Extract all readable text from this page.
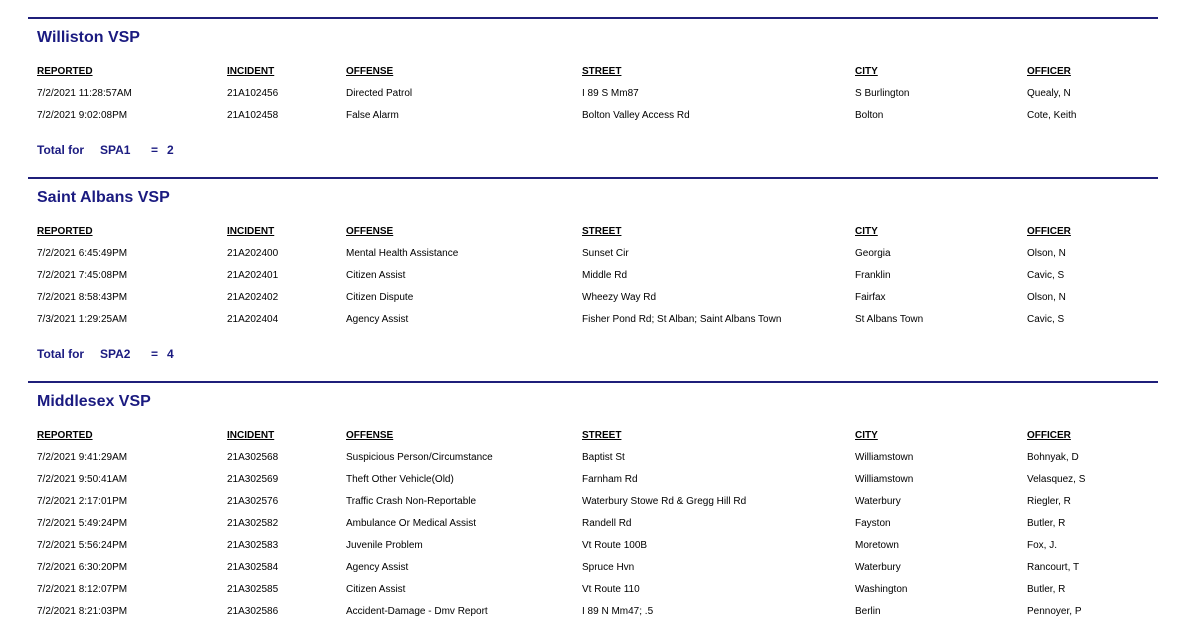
Williston VSP
REPORTED	INCIDENT	OFFENSE	STREET	CITY	OFFICER
7/2/2021 11:28:57AM	21A102456	Directed Patrol	I 89 S Mm87	S Burlington	Quealy, N
7/2/2021 9:02:08PM	21A102458	False Alarm	Bolton Valley Access Rd	Bolton	Cote, Keith
Total for SPA1 = 2
Saint Albans VSP
REPORTED	INCIDENT	OFFENSE	STREET	CITY	OFFICER
7/2/2021 6:45:49PM	21A202400	Mental Health Assistance	Sunset Cir	Georgia	Olson, N
7/2/2021 7:45:08PM	21A202401	Citizen Assist	Middle Rd	Franklin	Cavic, S
7/2/2021 8:58:43PM	21A202402	Citizen Dispute	Wheezy Way Rd	Fairfax	Olson, N
7/3/2021 1:29:25AM	21A202404	Agency Assist	Fisher Pond Rd; St Alban; Saint Albans Town	St Albans Town	Cavic, S
Total for SPA2 = 4
Middlesex VSP
REPORTED	INCIDENT	OFFENSE	STREET	CITY	OFFICER
7/2/2021 9:41:29AM	21A302568	Suspicious Person/Circumstance	Baptist St	Williamstown	Bohnyak, D
7/2/2021 9:50:41AM	21A302569	Theft Other Vehicle(Old)	Farnham Rd	Williamstown	Velasquez, S
7/2/2021 2:17:01PM	21A302576	Traffic Crash Non-Reportable	Waterbury Stowe Rd & Gregg Hill Rd	Waterbury	Riegler, R
7/2/2021 5:49:24PM	21A302582	Ambulance Or Medical Assist	Randell Rd	Fayston	Butler, R
7/2/2021 5:56:24PM	21A302583	Juvenile Problem	Vt Route 100B	Moretown	Fox, J.
7/2/2021 6:30:20PM	21A302584	Agency Assist	Spruce Hvn	Waterbury	Rancourt, T
7/2/2021 8:12:07PM	21A302585	Citizen Assist	Vt Route 110	Washington	Butler, R
7/2/2021 8:21:03PM	21A302586	Accident-Damage - Dmv Report	I 89 N Mm47; .5	Berlin	Pennoyer, P
